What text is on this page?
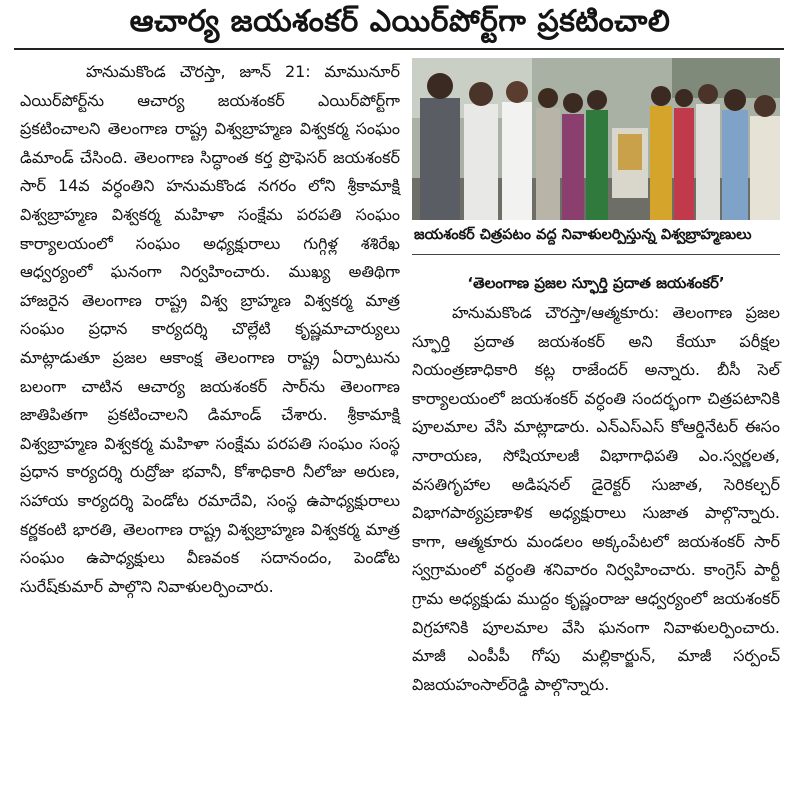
ఆచార్య జయశంకర్ ఎయిర్‌పోర్ట్‌గా ప్రకటించాలి

హనుమకొండ చౌరస్తా, జూన్ 21: మామునూర్ ఎయిర్‌పోర్ట్‌ను ఆచార్య జయశంకర్ ఎయిర్‌పోర్ట్‌గా ప్రకటించాలని తెలంగాణ రాష్ట్ర విశ్వబ్రాహ్మణ విశ్వకర్మ సంఘం డిమాండ్ చేసింది. తెలంగాణ సిద్ధాంత కర్త ప్రొఫెసర్ జయశంకర్ సార్ 14వ వర్ధంతిని హనుమకొండ నగరం లోని శ్రీకామాక్షి విశ్వబ్రాహ్మణ విశ్వకర్మ మహిళా సంక్షేమ పరపతి సంఘం కార్యాలయంలో సంఘం అధ్యక్షురాలు గుగ్గిళ్ల శశిరేఖ ఆధ్వర్యంలో ఘనంగా నిర్వహించారు. ముఖ్య అతిథిగా హాజరైన తెలంగాణ రాష్ట్ర విశ్వ బ్రాహ్మణ విశ్వకర్మ మాత్ర సంఘం ప్రధాన కార్యదర్శి చొల్లేటి కృష్ణమాచార్యులు మాట్లాడుతూ ప్రజల ఆకాంక్ష తెలంగాణ రాష్ట్ర ఏర్పాటును బలంగా చాటిన ఆచార్య జయశంకర్ సార్‌ను తెలంగాణ జాతిపితగా ప్రకటించాలని డిమాండ్ చేశారు. శ్రీకామాక్షి విశ్వబ్రాహ్మణ విశ్వకర్మ మహిళా సంక్షేమ పరపతి సంఘం సంస్థ ప్రధాన కార్యదర్శి రుద్రోజు భవానీ, కోశాధికారి నీలోజు అరుణ, సహాయ కార్యదర్శి పెండోట రమాదేవి, సంస్థ ఉపాధ్యక్షురాలు కర్ణకంటి భారతి, తెలంగాణ రాష్ట్ర విశ్వబ్రాహ్మణ విశ్వకర్మ మాత్ర సంఘం ఉపాధ్యక్షులు వీణవంక సదానందం, పెండోట సురేష్‌కుమార్ పాల్గొని నివాళులర్పించారు.

జయశంకర్ చిత్రపటం వద్ద నివాళులర్పిస్తున్న విశ్వబ్రాహ్మణులు
‘తెలంగాణ ప్రజల స్ఫూర్తి ప్రదాత జయశంకర్’

హనుమకొండ చౌరస్తా/ఆత్మకూరు: తెలంగాణ ప్రజల స్ఫూర్తి ప్రదాత జయశంకర్ అని కేయూ పరీక్షల నియంత్రణాధికారి కట్ల రాజేందర్ అన్నారు. బీసీ సెల్ కార్యాలయంలో జయశంకర్ వర్ధంతి సందర్భంగా చిత్రపటానికి పూలమాల వేసి మాట్లాడారు. ఎన్ఎస్ఎస్ కోఆర్డినేటర్ ఈసం నారాయణ, సోషియాలజీ విభాగాధిపతి ఎం.స్వర్ణలత, వసతిగృహాల అడిషనల్ డైరెక్టర్ సుజాత, సెరికల్చర్ విభాగపాఠ్యప్రణాళిక అధ్యక్షురాలు సుజాత పాల్గొన్నారు. కాగా, ఆత్మకూరు మండలం అక్కంపేటలో జయశంకర్ సార్ స్వగ్రామంలో వర్ధంతి శనివారం నిర్వహించారు. కాంగ్రెస్ పార్టీ గ్రామ అధ్యక్షుడు ముద్దం కృష్ణంరాజు ఆధ్వర్యంలో జయశంకర్ విగ్రహానికి పూలమాల వేసి ఘనంగా నివాళులర్పించారు. మాజీ ఎంపీపీ గోపు మల్లికార్జున్, మాజీ సర్పంచ్ విజయహంసాల్‌రెడ్డి పాల్గొన్నారు.
